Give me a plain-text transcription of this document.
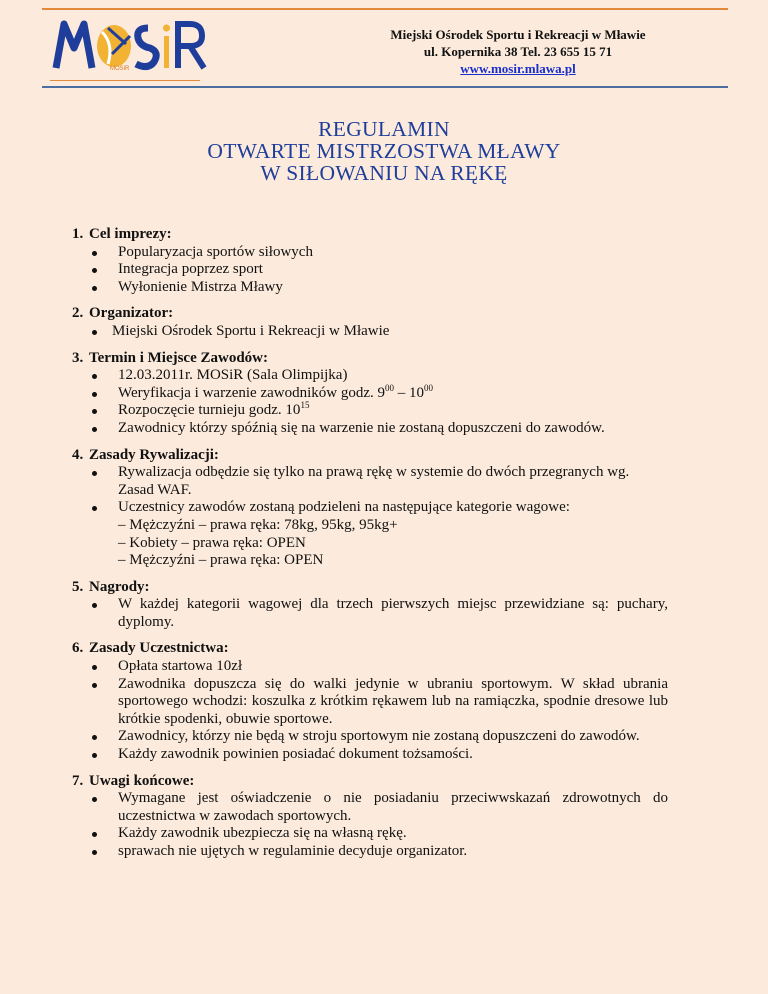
MOSiR
Miejski Ośrodek Sportu i Rekreacji w Mławie
ul. Kopernika 38 Tel. 23 655 15 71
www.mosir.mlawa.pl
REGULAMIN
OTWARTE MISTRZOSTWA MŁAWY
W SIŁOWANIU NA RĘKĘ
1. Cel imprezy:
Popularyzacja sportów siłowych
Integracja poprzez sport
Wyłonienie Mistrza Mławy
2. Organizator:
Miejski Ośrodek Sportu i Rekreacji w Mławie
3. Termin i Miejsce Zawodów:
12.03.2011r. MOSiR (Sala Olimpijka)
Weryfikacja i warzenie zawodników godz. $9^{00} - 10^{00}$
Rozpoczęcie turnieju godz. $10^{15}$
Zawodnicy którzy spóźnią się na warzenie nie zostaną dopuszczeni do zawodów.
4. Zasady Rywalizacji:
Rywalizacja odbędzie się tylko na prawą rękę w systemie do dwóch przegranych wg. Zasad WAF.
Uczestnicy zawodów zostaną podzieleni na następujące kategorie wagowe:
– Mężczyźni – prawa ręka: 78kg, 95kg, 95kg+
– Kobiety – prawa ręka: OPEN
– Mężczyźni – prawa ręka: OPEN
5. Nagrody:
W każdej kategorii wagowej dla trzech pierwszych miejsc przewidziane są: puchary, dyplomy.
6. Zasady Uczestnictwa:
Opłata startowa 10zł
Zawodnika dopuszcza się do walki jedynie w ubraniu sportowym. W skład ubrania sportowego wchodzi: koszulka z krótkim rękawem lub na ramiączka, spodnie dresowe lub krótkie spodenki, obuwie sportowe.
Zawodnicy, którzy nie będą w stroju sportowym nie zostaną dopuszczeni do zawodów.
Każdy zawodnik powinien posiadać dokument tożsamości.
7. Uwagi końcowe:
Wymagane jest oświadczenie o nie posiadaniu przeciwwskazań zdrowotnych do uczestnictwa w zawodach sportowych.
Każdy zawodnik ubezpiecza się na własną rękę.
sprawach nie ujętych w regulaminie decyduje organizator.
